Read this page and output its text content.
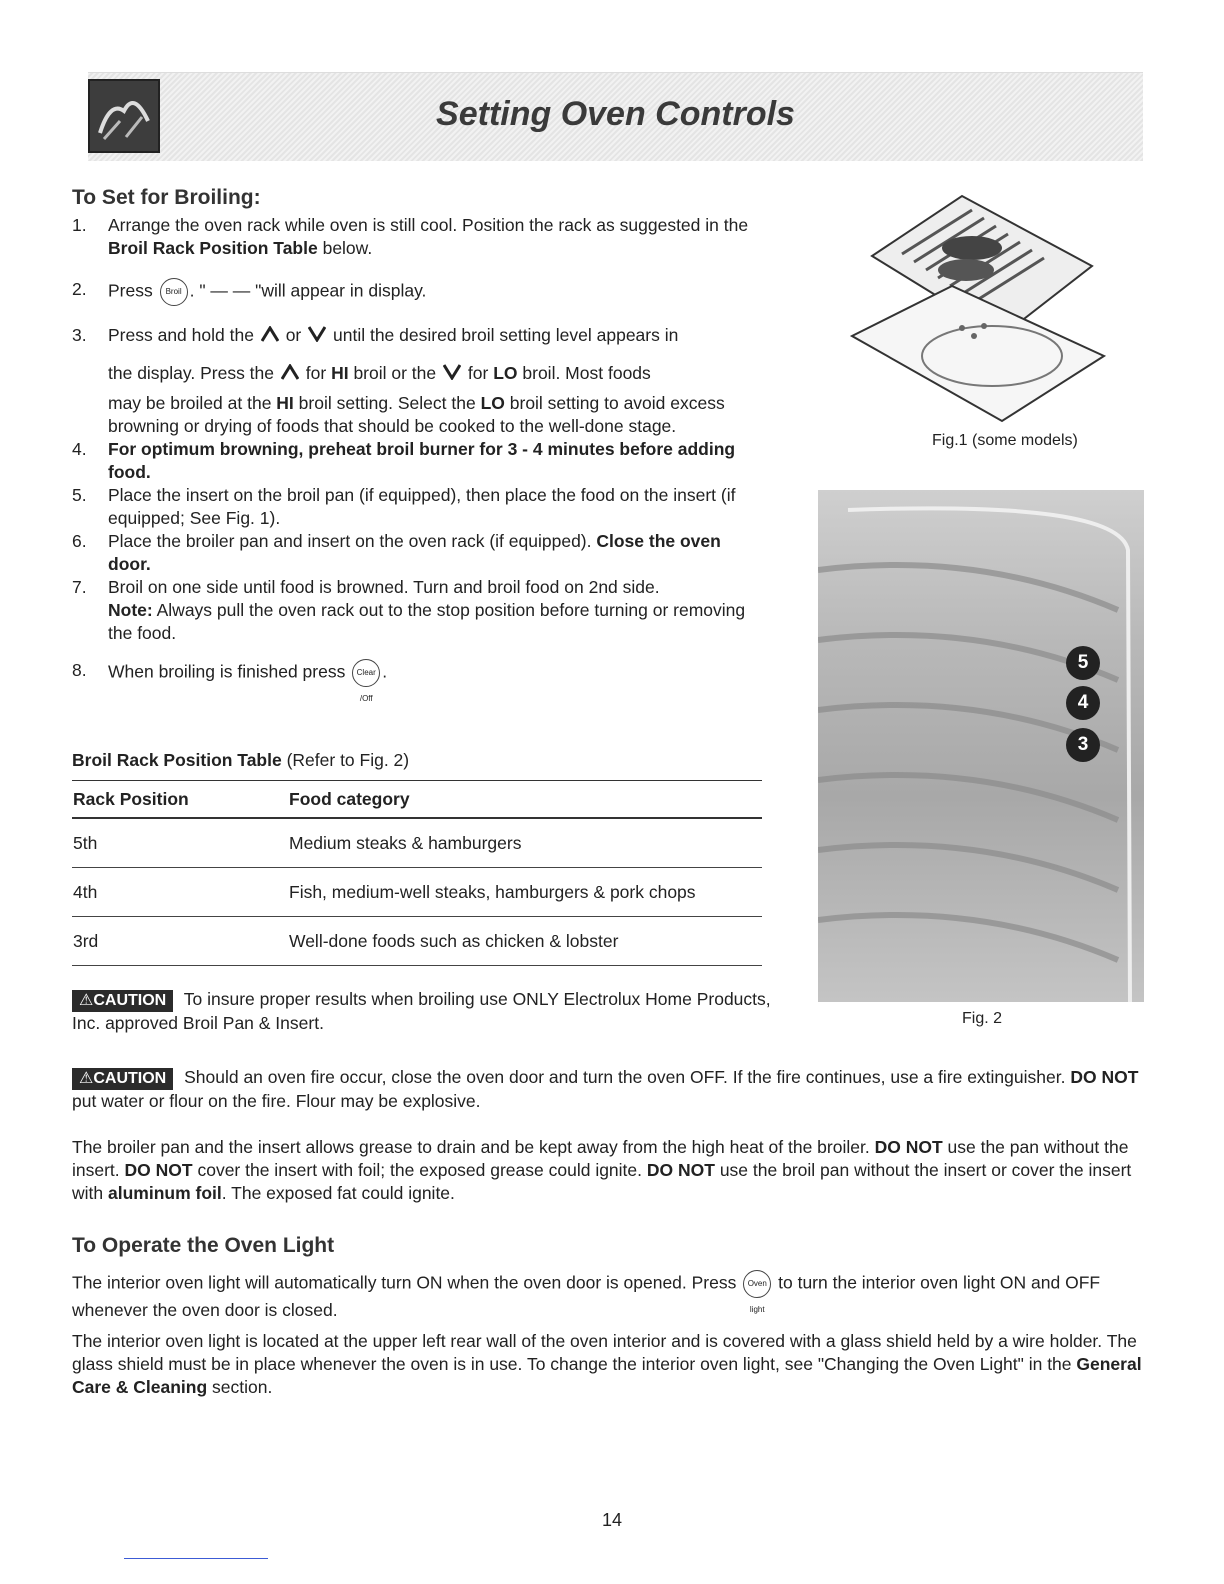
Setting Oven Controls
To Set for Broiling:
1. Arrange the oven rack while oven is still cool. Position the rack as suggested in the Broil Rack Position Table below.
2. Press Broil . " — — "will appear in display.
3. Press and hold the or until the desired broil setting level appears in
the display. Press the for HI broil or the for LO broil. Most foods
may be broiled at the HI broil setting. Select the LO broil setting to avoid excess browning or drying of foods that should be cooked to the well-done stage.
4. For optimum browning, preheat broil burner for 3 - 4 minutes before adding food.
5. Place the insert on the broil pan (if equipped), then place the food on the insert (if equipped; See Fig. 1).
6. Place the broiler pan and insert on the oven rack (if equipped). Close the oven door.
7. Broil on one side until food is browned. Turn and broil food on 2nd side.
Note: Always pull the oven rack out to the stop position before turning or removing the food.
8. When broiling is finished press Clear /Off.
Broil Rack Position Table (Refer to Fig. 2)
Rack Position	Food category
5th	Medium steaks & hamburgers
4th	Fish, medium-well steaks, hamburgers & pork chops
3rd	Well-done foods such as chicken & lobster
⚠CAUTION To insure proper results when broiling use ONLY Electrolux Home Products, Inc. approved Broil Pan & Insert.
Fig.1 (some models)
5
4
3
Fig. 2
⚠CAUTION Should an oven fire occur, close the oven door and turn the oven OFF. If the fire continues, use a fire extinguisher. DO NOT put water or flour on the fire. Flour may be explosive.
The broiler pan and the insert allows grease to drain and be kept away from the high heat of the broiler. DO NOT use the pan without the insert. DO NOT cover the insert with foil; the exposed grease could ignite. DO NOT use the broil pan without the insert or cover the insert with aluminum foil. The exposed fat could ignite.
To Operate the Oven Light
The interior oven light will automatically turn ON when the oven door is opened. Press Oven light to turn the interior oven light ON and OFF whenever the oven door is closed.
The interior oven light is located at the upper left rear wall of the oven interior and is covered with a glass shield held by a wire holder. The glass shield must be in place whenever the oven is in use. To change the interior oven light, see "Changing the Oven Light" in the General Care & Cleaning section.
14
